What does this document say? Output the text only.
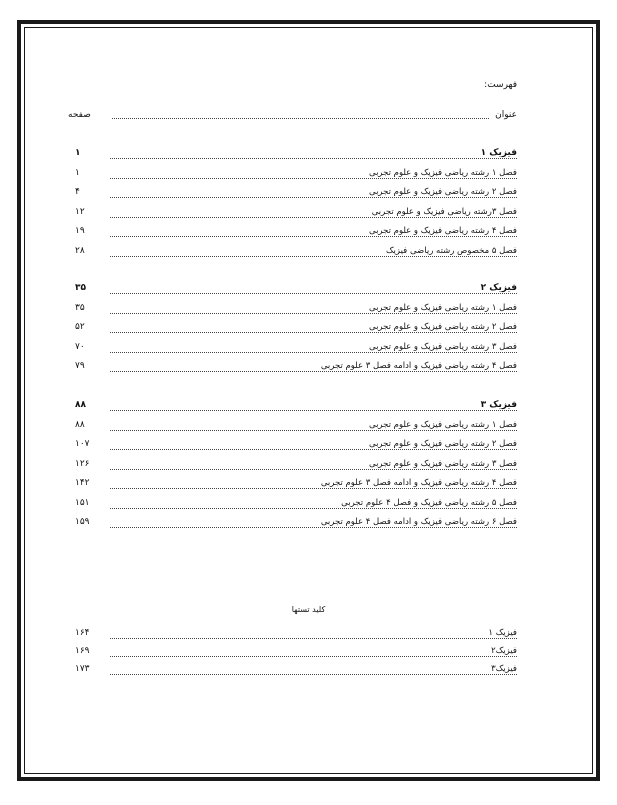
فهرست:
عنوان
صفحه
فیزیک ۱
۱
فصل ۱ رشته ریاضی فیزیک و علوم تجربی
۱
فصل ۲ رشته ریاضی فیزیک و علوم تجربی
۴
فصل ۳رشته ریاضی فیزیک و علوم تجربی
۱۲
فصل ۴ رشته ریاضی فیزیک و علوم تجربی
۱۹
فصل ۵ مخصوص رشته ریاضی فیزیک
۲۸
فیزیک ۲
۳۵
فصل ۱ رشته ریاضی فیزیک و علوم تجربی
۳۵
فصل ۲ رشته ریاضی فیزیک و علوم تجربی
۵۲
فصل ۳ رشته ریاضی فیزیک و علوم تجربی
۷۰
فصل ۴ رشته ریاضی فیزیک و ادامه فصل ۳ علوم تجربی
۷۹
فیزیک ۳
۸۸
فصل ۱ رشته ریاضی فیزیک و علوم تجربی
۸۸
فصل ۲ رشته ریاضی فیزیک و علوم تجربی
۱۰۷
فصل ۳ رشته ریاضی فیزیک و علوم تجربی
۱۲۶
فصل ۴ رشته ریاضی فیزیک و ادامه فصل ۳ علوم تجربی
۱۴۲
فصل ۵ رشته ریاضی فیزیک و فصل ۴ علوم تجربی
۱۵۱
فصل ۶ رشته ریاضی فیزیک و ادامه فصل ۴ علوم تجربی
۱۵۹
کلید تستها
فیزیک ۱
۱۶۴
فیزیک۲
۱۶۹
فیزیک۳
۱۷۳
